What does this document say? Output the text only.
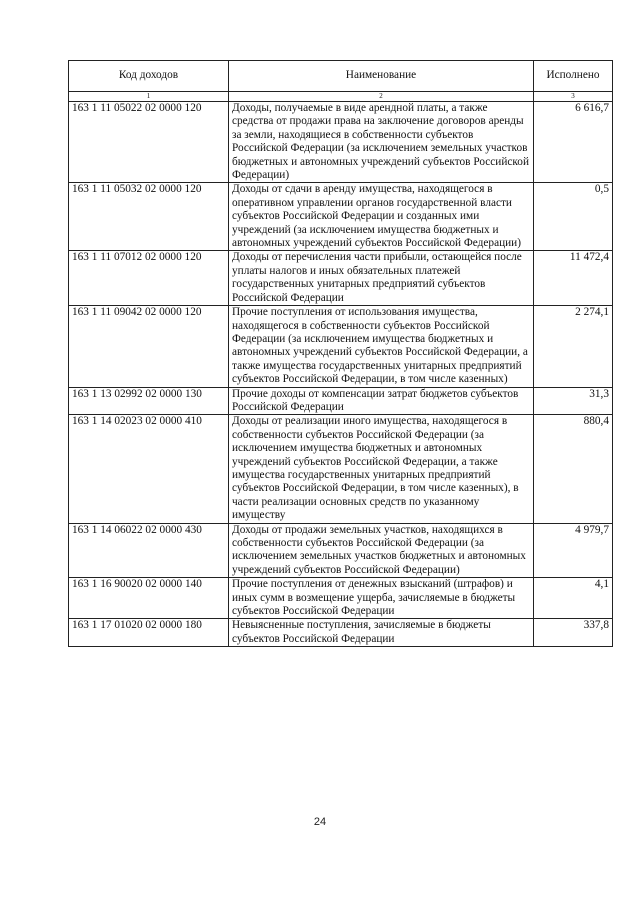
Код доходов	Наименование	Исполнено
1	2	3
163 1 11 05022 02 0000 120	Доходы, получаемые в виде арендной платы, а также средства от продажи права на заключение договоров аренды за земли, находящиеся в собственности субъектов Российской Федерации (за исключением земельных участков бюджетных и автономных учреждений субъектов Российской Федерации)	6 616,7
163 1 11 05032 02 0000 120	Доходы от сдачи в аренду имущества, находящегося в оперативном управлении органов государственной власти субъектов Российской Федерации и созданных ими учреждений (за исключением имущества бюджетных и автономных учреждений субъектов Российской Федерации)	0,5
163 1 11 07012 02 0000 120	Доходы от перечисления части прибыли, остающейся после уплаты налогов и иных обязательных платежей государственных унитарных предприятий субъектов Российской Федерации	11 472,4
163 1 11 09042 02 0000 120	Прочие поступления от использования имущества, находящегося в собственности субъектов Российской Федерации (за исключением имущества бюджетных и автономных учреждений субъектов Российской Федерации, а также имущества государственных унитарных предприятий субъектов Российской Федерации, в том числе казенных)	2 274,1
163 1 13 02992 02 0000 130	Прочие доходы от компенсации затрат бюджетов субъектов Российской Федерации	31,3
163 1 14 02023 02 0000 410	Доходы от реализации иного имущества, находящегося в собственности субъектов Российской Федерации (за исключением имущества бюджетных и автономных учреждений субъектов Российской Федерации, а также имущества государственных унитарных предприятий субъектов Российской Федерации, в том числе казенных), в части реализации основных средств по указанному имуществу	880,4
163 1 14 06022 02 0000 430	Доходы от продажи земельных участков, находящихся в собственности субъектов Российской Федерации (за исключением земельных участков бюджетных и автономных учреждений субъектов Российской Федерации)	4 979,7
163 1 16 90020 02 0000 140	Прочие поступления от денежных взысканий (штрафов) и иных сумм в возмещение ущерба, зачисляемые в бюджеты субъектов Российской Федерации	4,1
163 1 17 01020 02 0000 180	Невыясненные поступления, зачисляемые в бюджеты субъектов Российской Федерации	337,8
24
